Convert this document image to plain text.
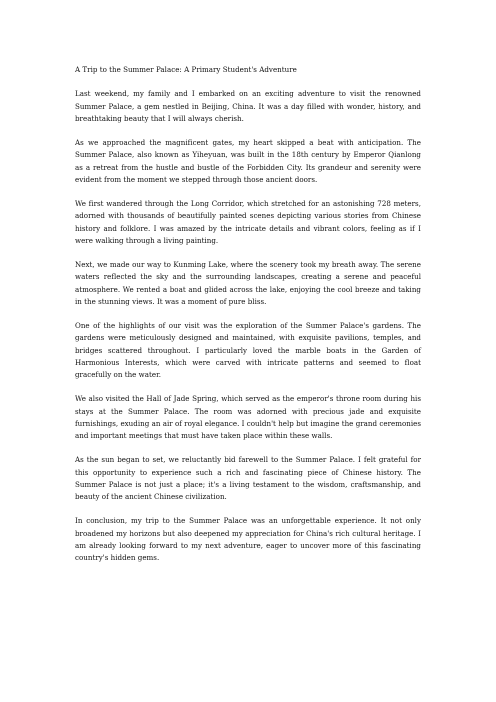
A Trip to the Summer Palace: A Primary Student's Adventure

Last weekend, my family and I embarked on an exciting adventure to visit the renowned Summer Palace, a gem nestled in Beijing, China. It was a day filled with wonder, history, and breathtaking beauty that I will always cherish.

As we approached the magnificent gates, my heart skipped a beat with anticipation. The Summer Palace, also known as Yiheyuan, was built in the 18th century by Emperor Qianlong as a retreat from the hustle and bustle of the Forbidden City. Its grandeur and serenity were evident from the moment we stepped through those ancient doors.

We first wandered through the Long Corridor, which stretched for an astonishing 728 meters, adorned with thousands of beautifully painted scenes depicting various stories from Chinese history and folklore. I was amazed by the intricate details and vibrant colors, feeling as if I were walking through a living painting.

Next, we made our way to Kunming Lake, where the scenery took my breath away. The serene waters reflected the sky and the surrounding landscapes, creating a serene and peaceful atmosphere. We rented a boat and glided across the lake, enjoying the cool breeze and taking in the stunning views. It was a moment of pure bliss.

One of the highlights of our visit was the exploration of the Summer Palace's gardens. The gardens were meticulously designed and maintained, with exquisite pavilions, temples, and bridges scattered throughout. I particularly loved the marble boats in the Garden of Harmonious Interests, which were carved with intricate patterns and seemed to float gracefully on the water.

We also visited the Hall of Jade Spring, which served as the emperor's throne room during his stays at the Summer Palace. The room was adorned with precious jade and exquisite furnishings, exuding an air of royal elegance. I couldn't help but imagine the grand ceremonies and important meetings that must have taken place within these walls.

As the sun began to set, we reluctantly bid farewell to the Summer Palace. I felt grateful for this opportunity to experience such a rich and fascinating piece of Chinese history. The Summer Palace is not just a place; it's a living testament to the wisdom, craftsmanship, and beauty of the ancient Chinese civilization.

In conclusion, my trip to the Summer Palace was an unforgettable experience. It not only broadened my horizons but also deepened my appreciation for China's rich cultural heritage. I am already looking forward to my next adventure, eager to uncover more of this fascinating country's hidden gems.
